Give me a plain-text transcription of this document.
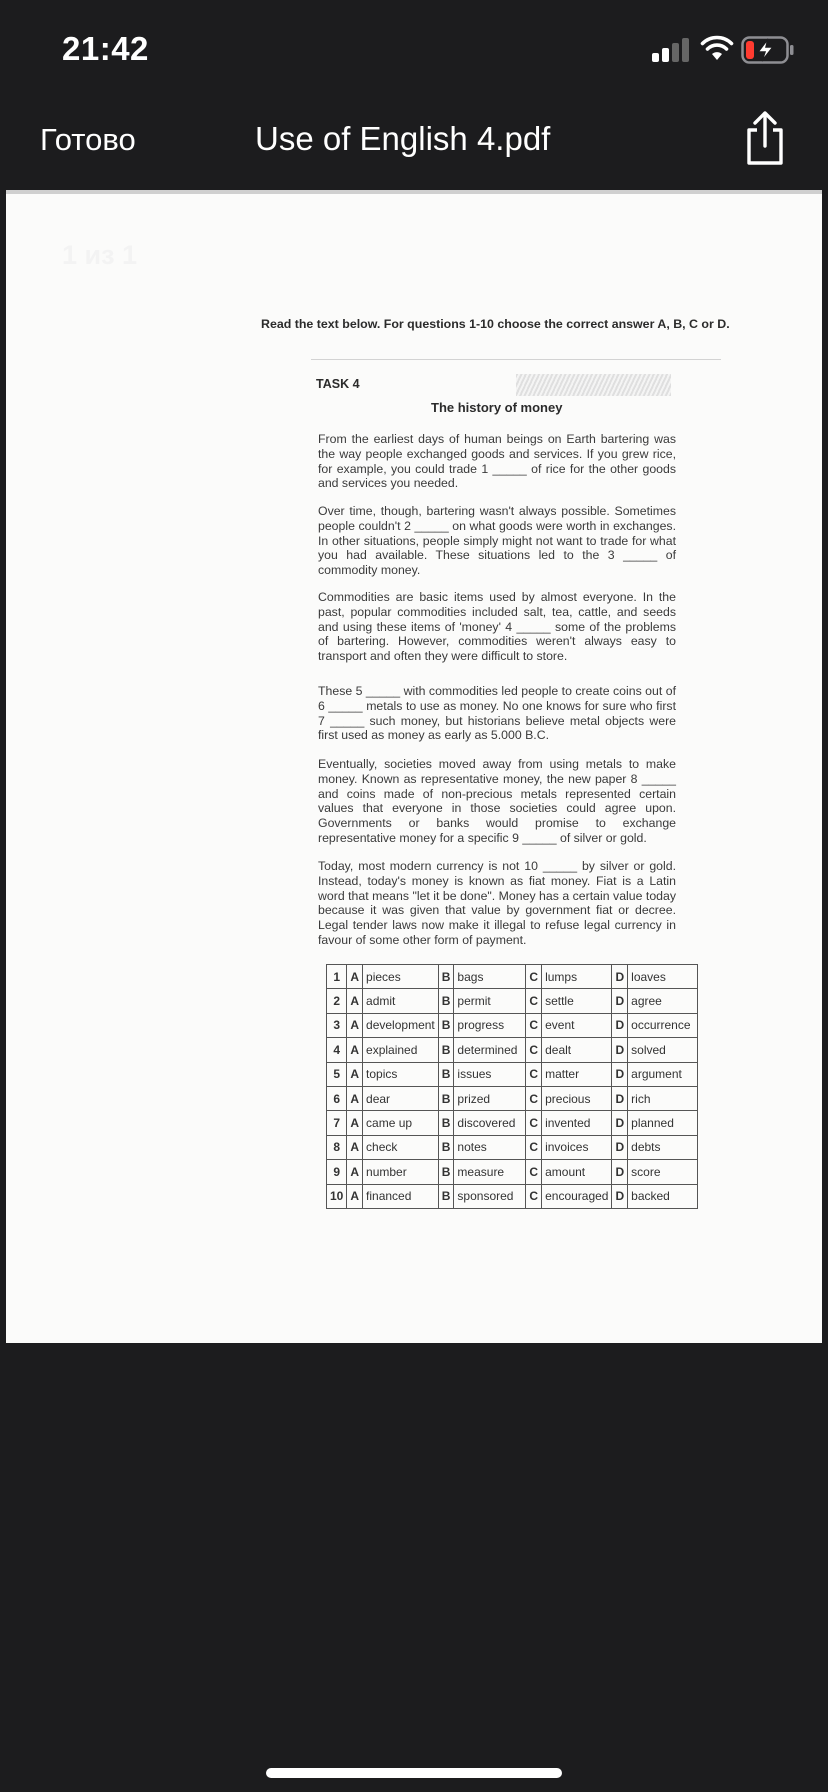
21:42
Готово	Use of English 4.pdf
1 из 1
Read the text below. For questions 1-10 choose the correct answer A, B, C or D.
TASK 4
The history of money

From the earliest days of human beings on Earth bartering was the way people exchanged goods and services. If you grew rice, for example, you could trade 1 _____ of rice for the other goods and services you needed.

Over time, though, bartering wasn't always possible. Sometimes people couldn't 2 _____ on what goods were worth in exchanges. In other situations, people simply might not want to trade for what you had available. These situations led to the 3 _____ of commodity money.

Commodities are basic items used by almost everyone. In the past, popular commodities included salt, tea, cattle, and seeds and using these items of 'money' 4 _____ some of the problems of bartering. However, commodities weren't always easy to transport and often they were difficult to store.

These 5 _____ with commodities led people to create coins out of 6 _____ metals to use as money. No one knows for sure who first 7 _____ such money, but historians believe metal objects were first used as money as early as 5.000 B.C.

Eventually, societies moved away from using metals to make money. Known as representative money, the new paper 8 _____ and coins made of non-precious metals represented certain values that everyone in those societies could agree upon. Governments or banks would promise to exchange representative money for a specific 9 _____ of silver or gold.

Today, most modern currency is not 10 _____ by silver or gold. Instead, today's money is known as fiat money. Fiat is a Latin word that means "let it be done". Money has a certain value today because it was given that value by government fiat or decree. Legal tender laws now make it illegal to refuse legal currency in favour of some other form of payment.

1	A	pieces	B	bags	C	lumps	D	loaves
2	A	admit	B	permit	C	settle	D	agree
3	A	development	B	progress	C	event	D	occurrence
4	A	explained	B	determined	C	dealt	D	solved
5	A	topics	B	issues	C	matter	D	argument
6	A	dear	B	prized	C	precious	D	rich
7	A	came up	B	discovered	C	invented	D	planned
8	A	check	B	notes	C	invoices	D	debts
9	A	number	B	measure	C	amount	D	score
10	A	financed	B	sponsored	C	encouraged	D	backed
